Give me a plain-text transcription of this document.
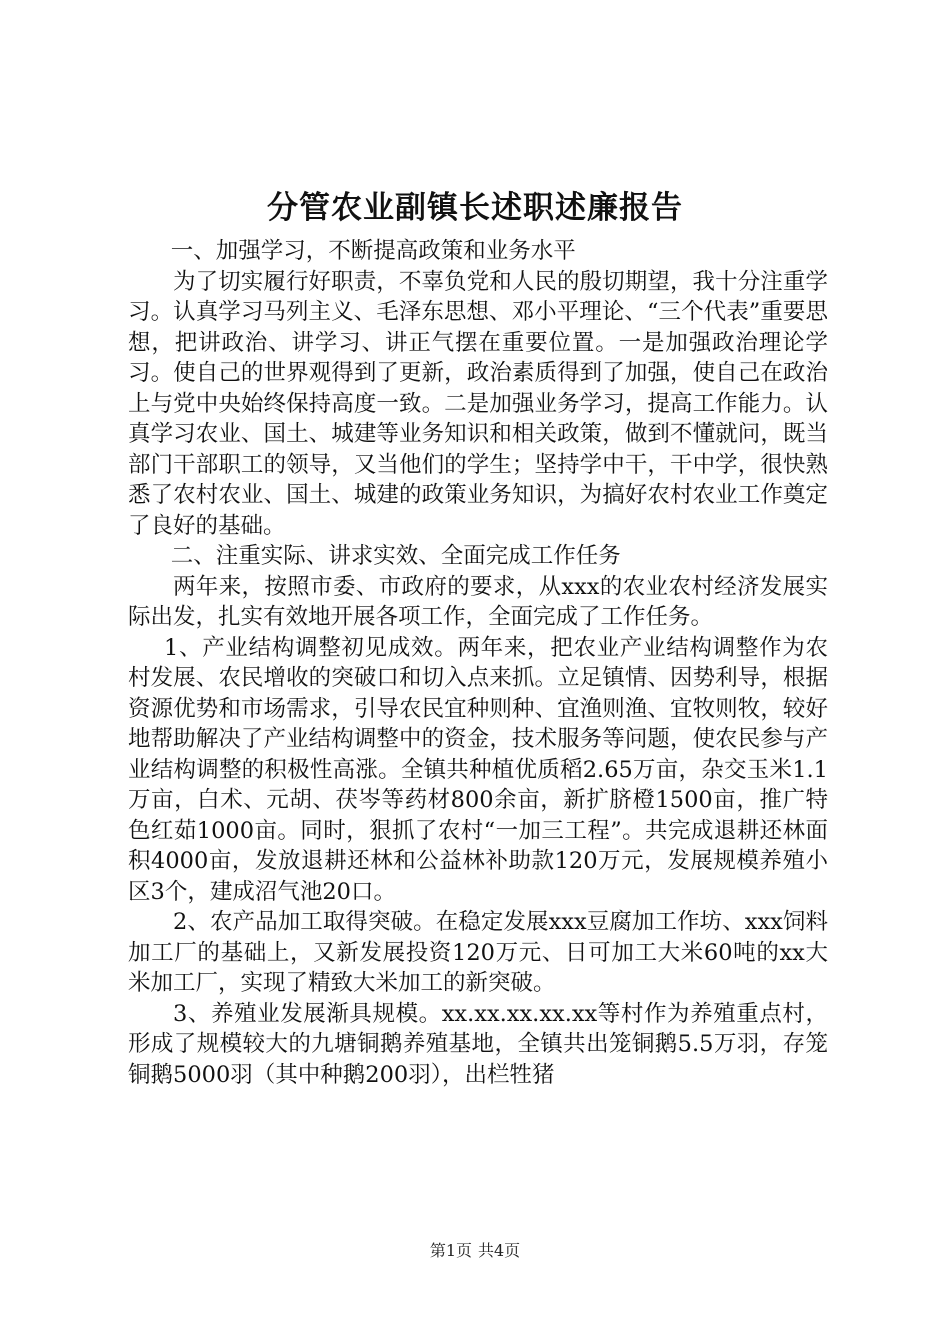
分管农业副镇长述职述廉报告

一、加强学习，不断提高政策和业务水平

为了切实履行好职责，不辜负党和人民的殷切期望，我十分注重学习。认真学习马列主义、毛泽东思想、邓小平理论、“三个代表”重要思想，把讲政治、讲学习、讲正气摆在重要位置。一是加强政治理论学习。使自己的世界观得到了更新，政治素质得到了加强，使自己在政治上与党中央始终保持高度一致。二是加强业务学习，提高工作能力。认真学习农业、国土、城建等业务知识和相关政策，做到不懂就问，既当部门干部职工的领导，又当他们的学生；坚持学中干，干中学，很快熟悉了农村农业、国土、城建的政策业务知识，为搞好农村农业工作奠定了良好的基础。

二、注重实际、讲求实效、全面完成工作任务

两年来，按照市委、市政府的要求，从xxx的农业农村经济发展实际出发，扎实有效地开展各项工作，全面完成了工作任务。

1、产业结构调整初见成效。两年来，把农业产业结构调整作为农村发展、农民增收的突破口和切入点来抓。立足镇情、因势利导，根据资源优势和市场需求，引导农民宜种则种、宜渔则渔、宜牧则牧，较好地帮助解决了产业结构调整中的资金，技术服务等问题，使农民参与产业结构调整的积极性高涨。全镇共种植优质稻2.65万亩，杂交玉米1.1万亩，白术、元胡、茯岑等药材800余亩，新扩脐橙1500亩，推广特色红茹1000亩。同时，狠抓了农村“一加三工程”。共完成退耕还林面积4000亩，发放退耕还林和公益林补助款120万元，发展规模养殖小区3个，建成沼气池20口。

2、农产品加工取得突破。在稳定发展xxx豆腐加工作坊、xxx饲料加工厂的基础上，又新发展投资120万元、日可加工大米60吨的xx大米加工厂，实现了精致大米加工的新突破。

3、养殖业发展渐具规模。xx.xx.xx.xx.xx等村作为养殖重点村，形成了规模较大的九塘铜鹅养殖基地，全镇共出笼铜鹅5.5万羽，存笼铜鹅5000羽（其中种鹅200羽），出栏牲猪

第1页 共4页
